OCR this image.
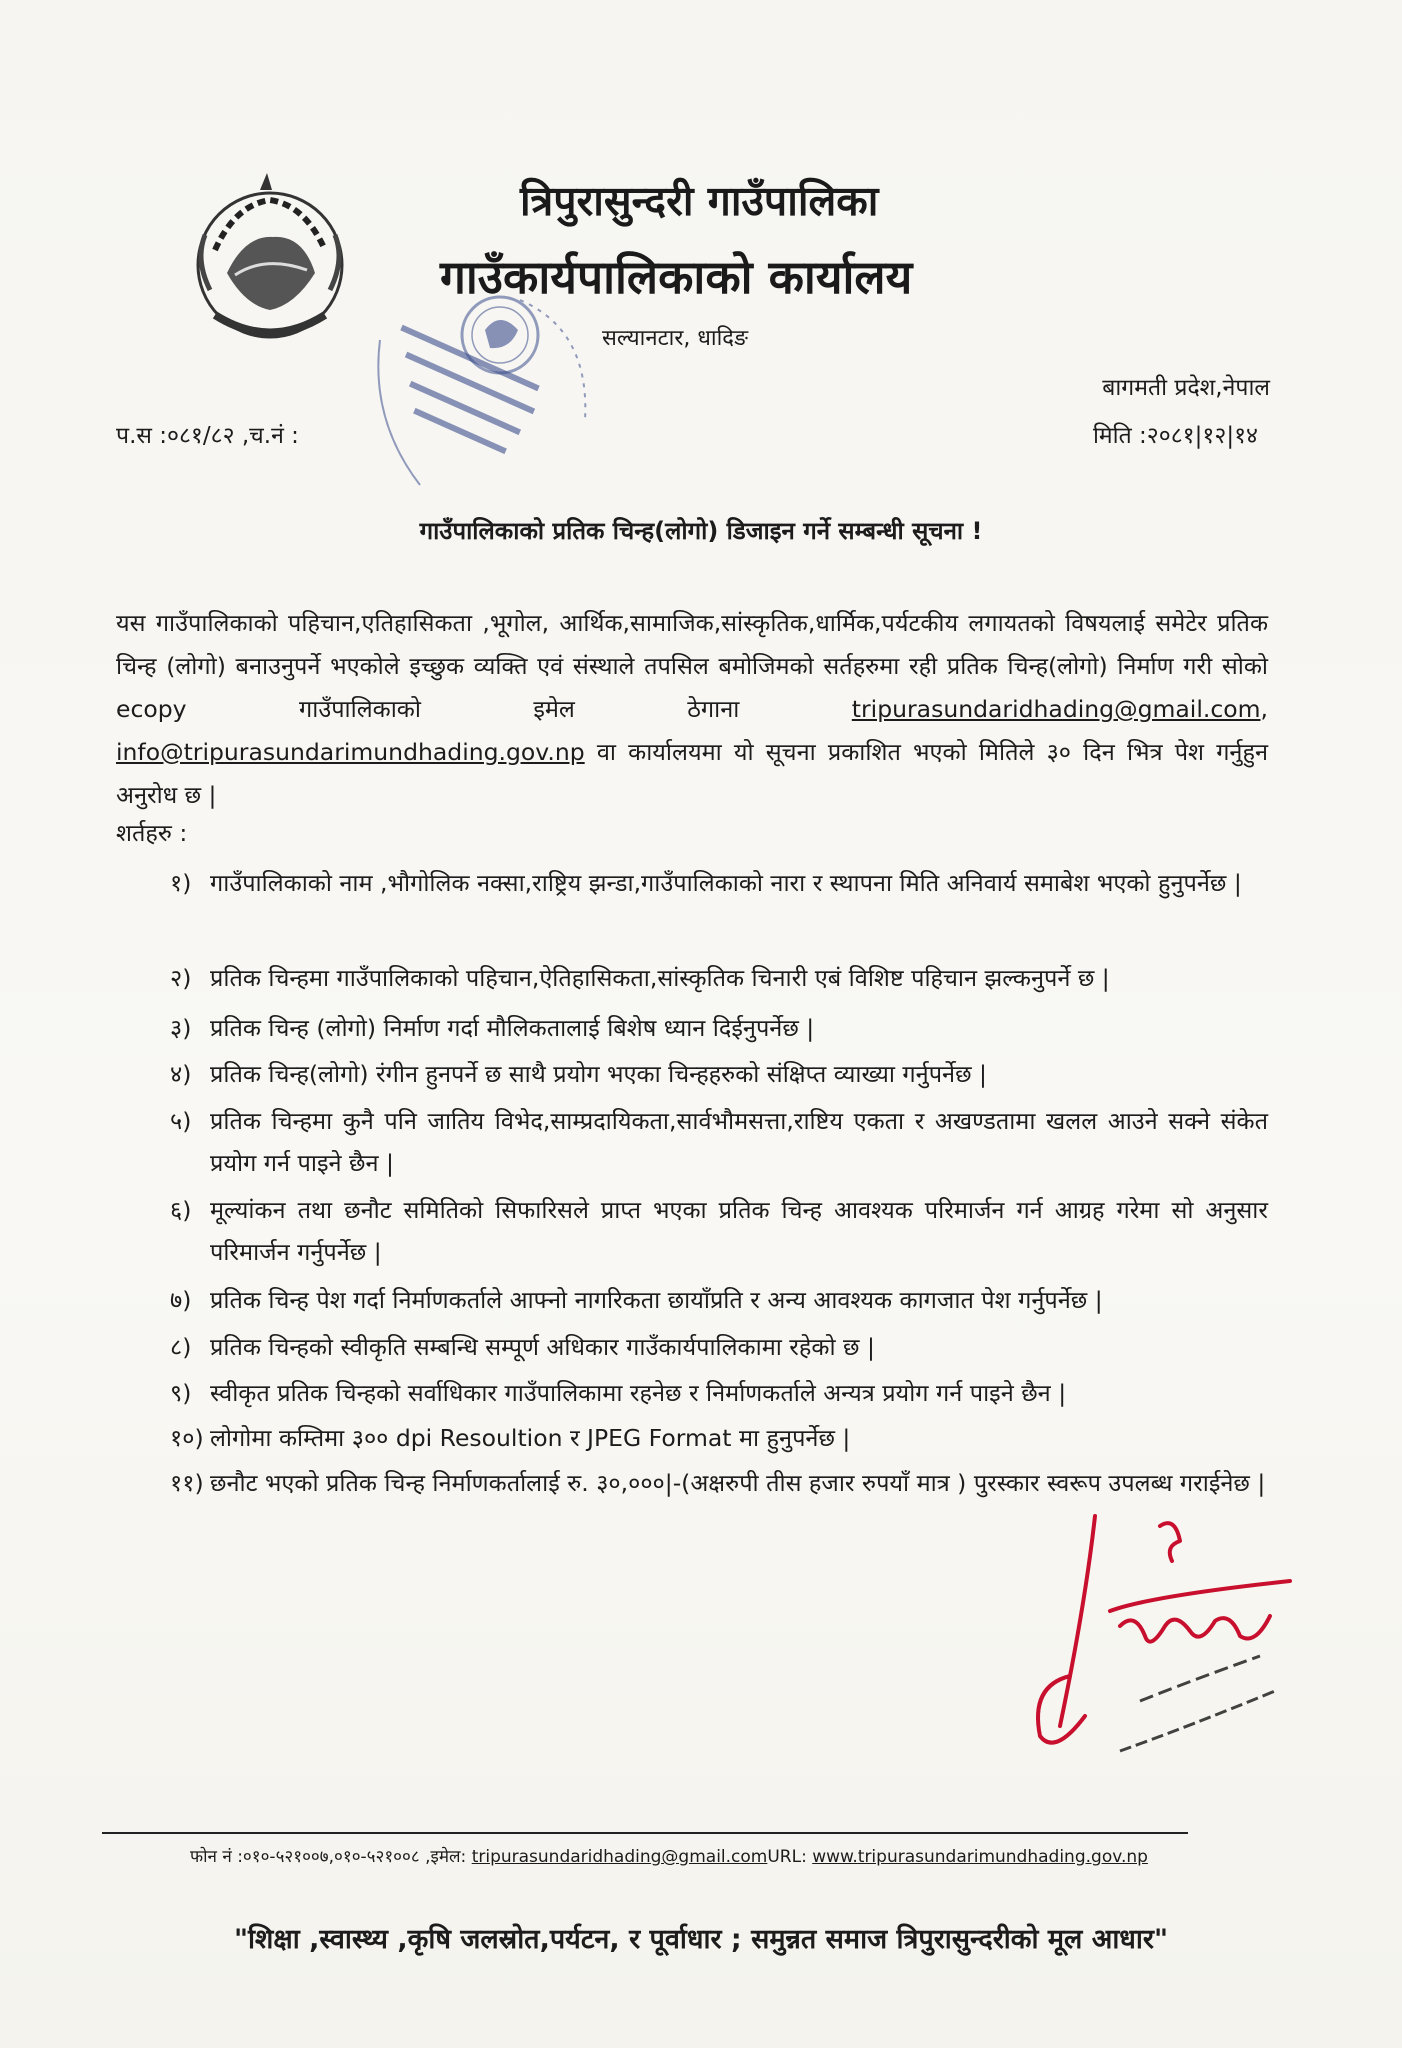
त्रिपुरासुन्दरी गाउँपालिका
गाउँकार्यपालिकाको कार्यालय
सल्यानटार, धादिङ
बागमती प्रदेश,नेपाल
प.स :०८१/८२ ,च.नं :	मिति :२०८१|१२|१४
गाउँपालिकाको प्रतिक चिन्ह(लोगो) डिजाइन गर्ने सम्बन्धी सूचना !
यस गाउँपालिकाको पहिचान,एतिहासिकता ,भूगोल, आर्थिक,सामाजिक,सांस्कृतिक,धार्मिक,पर्यटकीय लगायतको विषयलाई समेटेर प्रतिक चिन्ह (लोगो) बनाउनुपर्ने भएकोले इच्छुक व्यक्ति एवं संस्थाले तपसिल बमोजिमको सर्तहरुमा रही प्रतिक चिन्ह(लोगो) निर्माण गरी सोको ecopy गाउँपालिकाको इमेल ठेगाना tripurasundaridhading@gmail.com, info@tripurasundarimundhading.gov.np वा कार्यालयमा यो सूचना प्रकाशित भएको मितिले ३० दिन भित्र पेश गर्नुहुन अनुरोध छ |
शर्तहरु :
१) गाउँपालिकाको नाम ,भौगोलिक नक्सा,राष्ट्रिय झन्डा,गाउँपालिकाको नारा र स्थापना मिति अनिवार्य समाबेश भएको हुनुपर्नेछ |
२) प्रतिक चिन्हमा गाउँपालिकाको पहिचान,ऐतिहासिकता,सांस्कृतिक चिनारी एबं विशिष्ट पहिचान झल्कनुपर्ने छ |
३) प्रतिक चिन्ह (लोगो) निर्माण गर्दा मौलिकतालाई बिशेष ध्यान दिईनुपर्नेछ |
४) प्रतिक चिन्ह(लोगो) रंगीन हुनपर्ने छ साथै प्रयोग भएका चिन्हहरुको संक्षिप्त व्याख्या गर्नुपर्नेछ |
५) प्रतिक चिन्हमा कुनै पनि जातिय विभेद,साम्प्रदायिकता,सार्वभौमसत्ता,राष्टिय एकता र अखण्डतामा खलल आउने सक्ने संकेत प्रयोग गर्न पाइने छैन |
६) मूल्यांकन तथा छनौट समितिको सिफारिसले प्राप्त भएका प्रतिक चिन्ह आवश्यक परिमार्जन गर्न आग्रह गरेमा सो अनुसार परिमार्जन गर्नुपर्नेछ |
७) प्रतिक चिन्ह पेश गर्दा निर्माणकर्ताले आफ्नो नागरिकता छायाँप्रति र अन्य आवश्यक कागजात पेश गर्नुपर्नेछ |
८) प्रतिक चिन्हको स्वीकृति सम्बन्धि सम्पूर्ण अधिकार गाउँकार्यपालिकामा रहेको छ |
९) स्वीकृत प्रतिक चिन्हको सर्वाधिकार गाउँपालिकामा रहनेछ र निर्माणकर्ताले अन्यत्र प्रयोग गर्न पाइने छैन |
१०) लोगोमा कम्तिमा ३०० dpi Resoultion र JPEG Format मा हुनुपर्नेछ |
११) छनौट भएको प्रतिक चिन्ह निर्माणकर्तालाई रु. ३०,०००|-(अक्षरुपी तीस हजार रुपयाँ मात्र ) पुरस्कार स्वरूप उपलब्ध गराईनेछ |
फोन नं :०१०-५२१००७,०१०-५२१००८ ,इमेल: tripurasundaridhading@gmail.comURL: www.tripurasundarimundhading.gov.np
"शिक्षा ,स्वास्थ्य ,कृषि जलस्रोत,पर्यटन, र पूर्वाधार ; समुन्नत समाज त्रिपुरासुन्दरीको मूल आधार"
